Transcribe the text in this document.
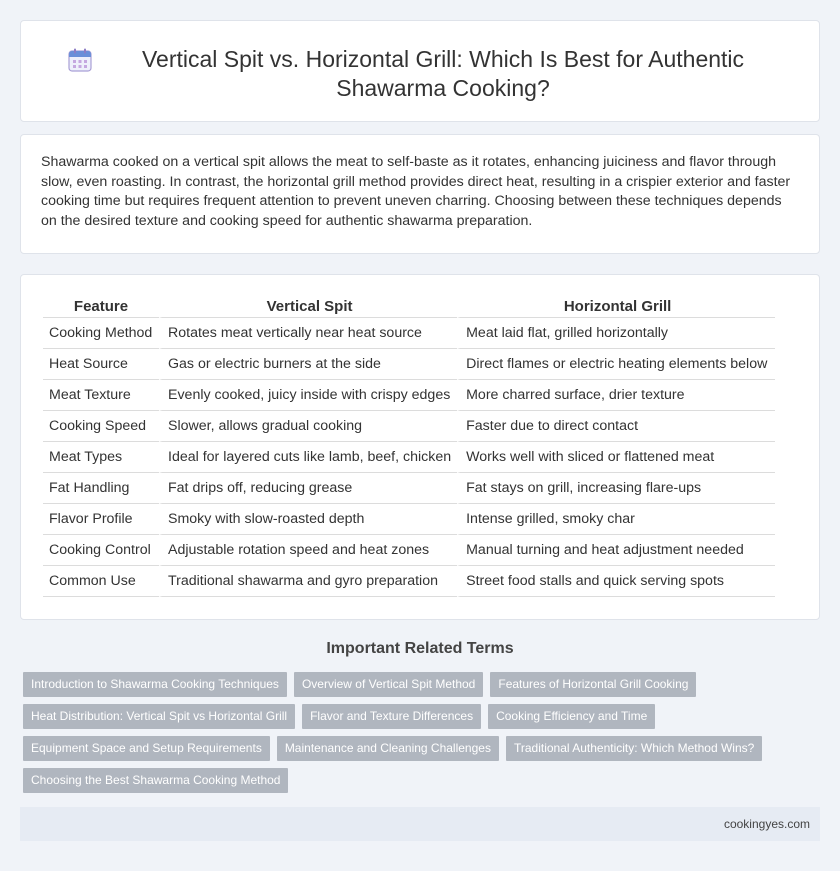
Vertical Spit vs. Horizontal Grill: Which Is Best for Authentic Shawarma Cooking?

Shawarma cooked on a vertical spit allows the meat to self-baste as it rotates, enhancing juiciness and flavor through slow, even roasting. In contrast, the horizontal grill method provides direct heat, resulting in a crispier exterior and faster cooking time but requires frequent attention to prevent uneven charring. Choosing between these techniques depends on the desired texture and cooking speed for authentic shawarma preparation.

Feature	Vertical Spit	Horizontal Grill
Cooking Method	Rotates meat vertically near heat source	Meat laid flat, grilled horizontally
Heat Source	Gas or electric burners at the side	Direct flames or electric heating elements below
Meat Texture	Evenly cooked, juicy inside with crispy edges	More charred surface, drier texture
Cooking Speed	Slower, allows gradual cooking	Faster due to direct contact
Meat Types	Ideal for layered cuts like lamb, beef, chicken	Works well with sliced or flattened meat
Fat Handling	Fat drips off, reducing grease	Fat stays on grill, increasing flare-ups
Flavor Profile	Smoky with slow-roasted depth	Intense grilled, smoky char
Cooking Control	Adjustable rotation speed and heat zones	Manual turning and heat adjustment needed
Common Use	Traditional shawarma and gyro preparation	Street food stalls and quick serving spots
Important Related Terms
Introduction to Shawarma Cooking Techniques	Overview of Vertical Spit Method	Features of Horizontal Grill Cooking
Heat Distribution: Vertical Spit vs Horizontal Grill	Flavor and Texture Differences	Cooking Efficiency and Time
Equipment Space and Setup Requirements	Maintenance and Cleaning Challenges	Traditional Authenticity: Which Method Wins?
Choosing the Best Shawarma Cooking Method
cookingyes.com
